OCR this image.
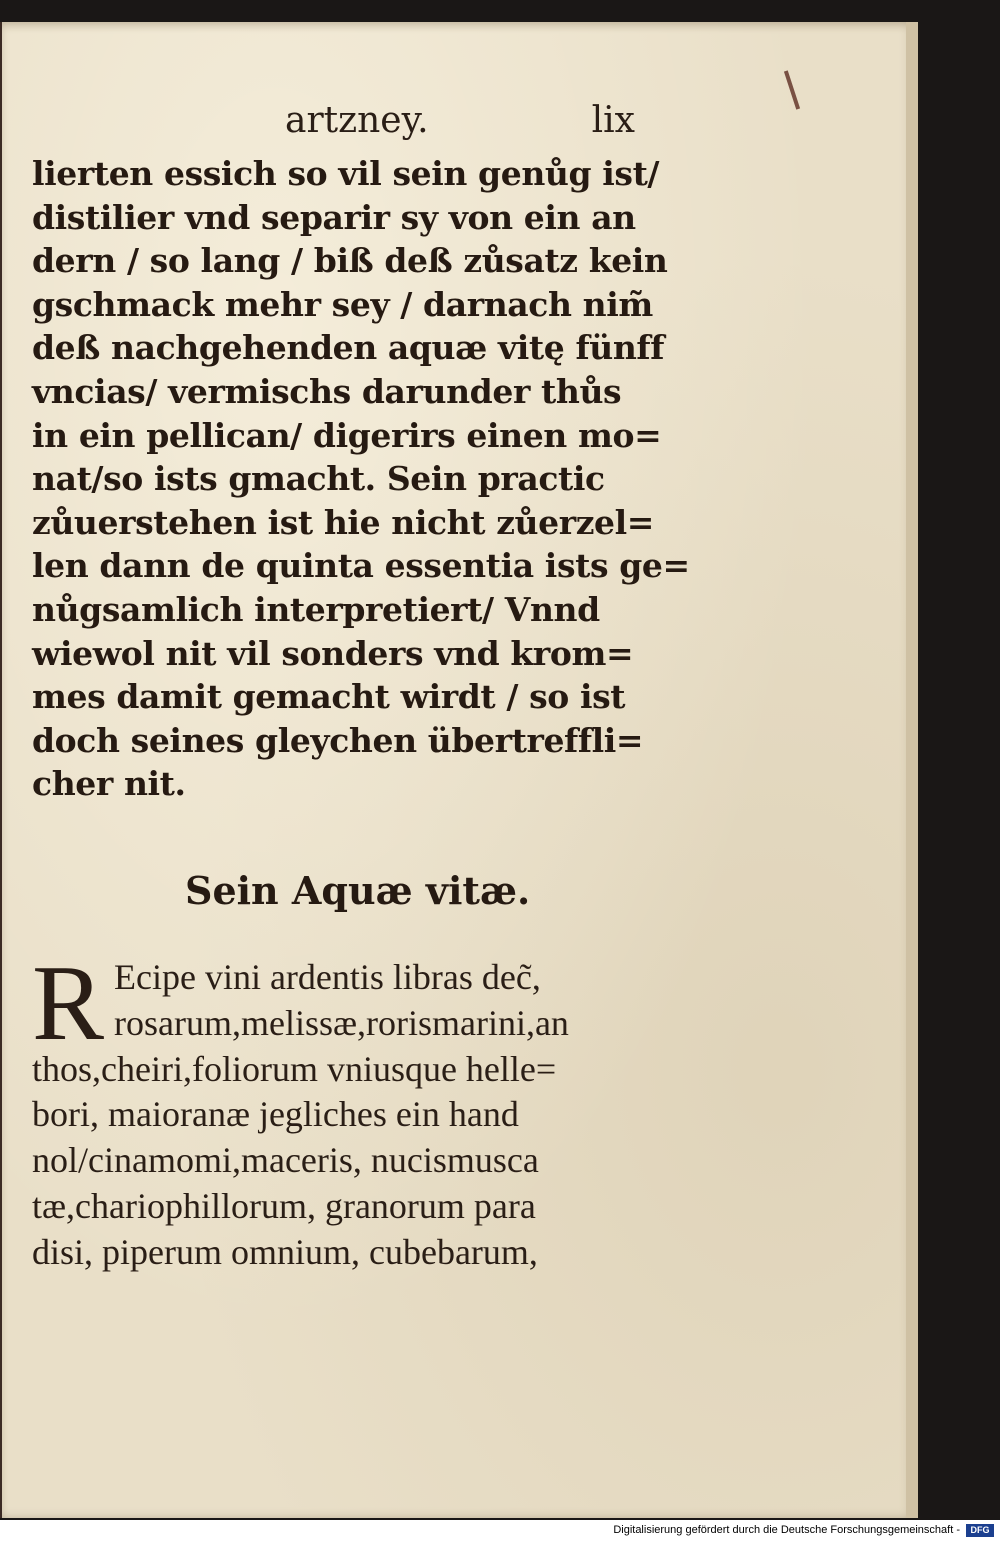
artzney.	lix
lierten essich so vil sein genůg ist/
distilier vnd separir sy von ein an
dern / so lang / biß deß zůsatz kein
gschmack mehr sey / darnach nim̃
deß nachgehenden aquæ vitę fünff
vncias/ vermischs darunder thůs
in ein pellican/ digerirs einen mo=
nat/so ists gmacht. Sein practic
zůuerstehen ist hie nicht zůerzel=
len dann de quinta essentia ists ge=
nůgsamlich interpretiert/ Vnnd
wiewol nit vil sonders vnd krom=
mes damit gemacht wirdt / so ist
doch seines gleychen übertreffli=
cher nit.
Sein Aquæ vitæ.
R Ecipe vini ardentis libras dec̃,
rosarum,melissæ,rorismarini,an
thos,cheiri,foliorum vniusque helle=
bori, maioranæ jegliches ein hand
nol/cinamomi,maceris, nucismusca
tæ,chariophillorum, granorum para
disi, piperum omnium, cubebarum,
Digitalisierung gefördert durch die Deutsche Forschungsgemeinschaft -	DFG
